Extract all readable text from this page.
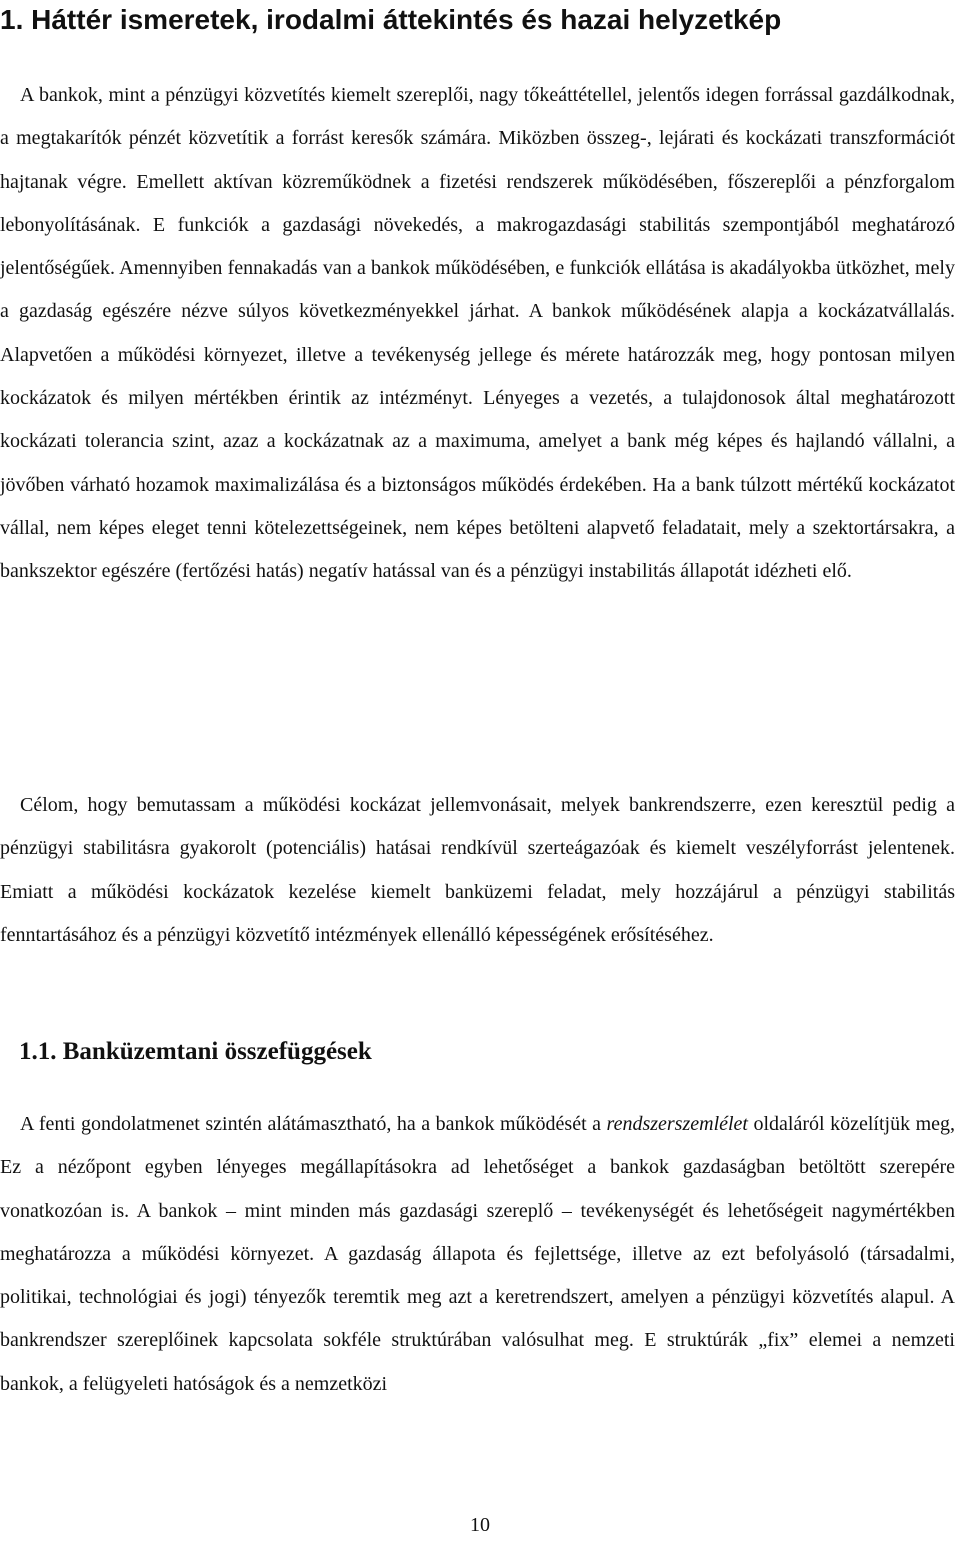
1. Háttér ismeretek, irodalmi áttekintés és hazai helyzetkép

A bankok, mint a pénzügyi közvetítés kiemelt szereplői, nagy tőkeáttétellel, jelentős idegen forrással gazdálkodnak, a megtakarítók pénzét közvetítik a forrást keresők számára. Miközben összeg-, lejárati és kockázati transzformációt hajtanak végre. Emellett aktívan közreműködnek a fizetési rendszerek működésében, főszereplői a pénzforgalom lebonyolításának. E funkciók a gazdasági növekedés, a makrogazdasági stabilitás szempontjából meghatározó jelentőségűek. Amennyiben fennakadás van a bankok működésében, e funkciók ellátása is akadályokba ütközhet, mely a gazdaság egészére nézve súlyos következményekkel járhat. A bankok működésének alapja a kockázatvállalás. Alapvetően a működési környezet, illetve a tevékenység jellege és mérete határozzák meg, hogy pontosan milyen kockázatok és milyen mértékben érintik az intézményt. Lényeges a vezetés, a tulajdonosok által meghatározott kockázati tolerancia szint, azaz a kockázatnak az a maximuma, amelyet a bank még képes és hajlandó vállalni, a jövőben várható hozamok maximalizálása és a biztonságos működés érdekében. Ha a bank túlzott mértékű kockázatot vállal, nem képes eleget tenni kötelezettségeinek, nem képes betölteni alapvető feladatait, mely a szektortársakra, a bankszektor egészére (fertőzési hatás) negatív hatással van és a pénzügyi instabilitás állapotát idézheti elő.

Célom, hogy bemutassam a működési kockázat jellemvonásait, melyek bankrendszerre, ezen keresztül pedig a pénzügyi stabilitásra gyakorolt (potenciális) hatásai rendkívül szerteágazóak és kiemelt veszélyforrást jelentenek. Emiatt a működési kockázatok kezelése kiemelt banküzemi feladat, mely hozzájárul a pénzügyi stabilitás fenntartásához és a pénzügyi közvetítő intézmények ellenálló képességének erősítéséhez.

1.1. Banküzemtani összefüggések

A fenti gondolatmenet szintén alátámasztható, ha a bankok működését a rendszerszemlélet oldaláról közelítjük meg, Ez a nézőpont egyben lényeges megállapításokra ad lehetőséget a bankok gazdaságban betöltött szerepére vonatkozóan is. A bankok – mint minden más gazdasági szereplő – tevékenységét és lehetőségeit nagymértékben meghatározza a működési környezet. A gazdaság állapota és fejlettsége, illetve az ezt befolyásoló (társadalmi, politikai, technológiai és jogi) tényezők teremtik meg azt a keretrendszert, amelyen a pénzügyi közvetítés alapul. A bankrendszer szereplőinek kapcsolata sokféle struktúrában valósulhat meg. E struktúrák „fix” elemei a nemzeti bankok, a felügyeleti hatóságok és a nemzetközi

10
